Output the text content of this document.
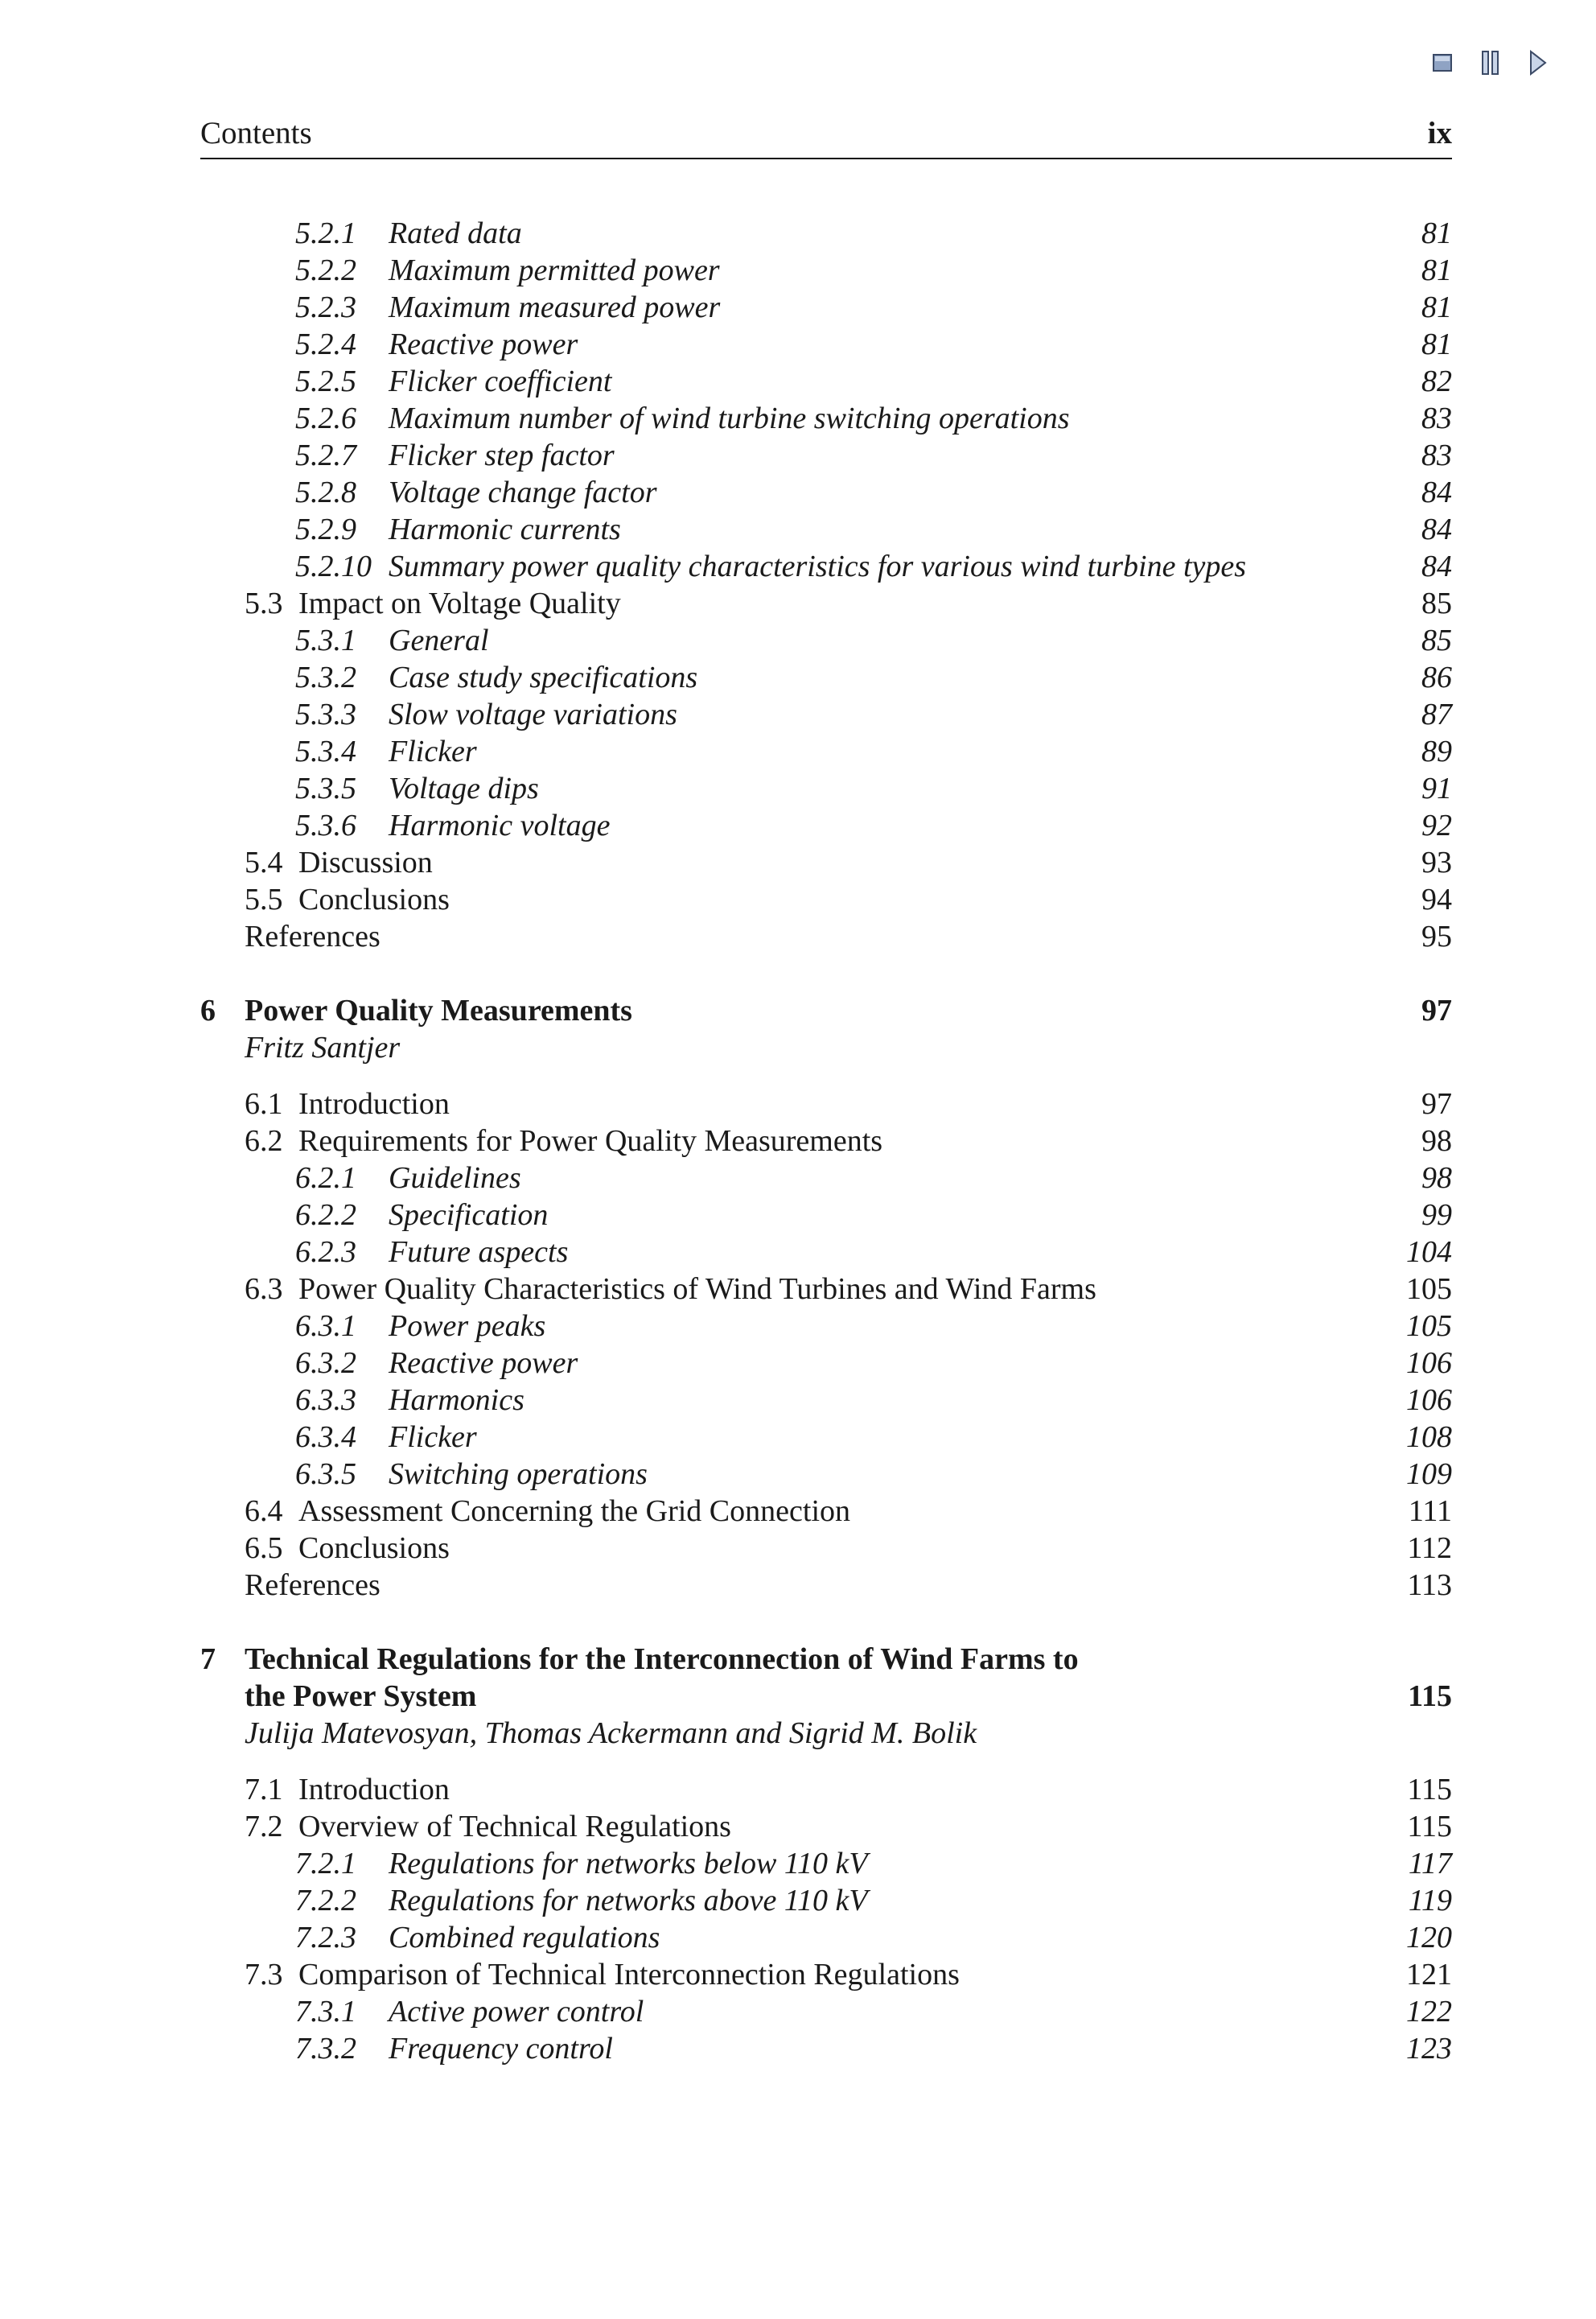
Contents	ix
5.2.1 Rated data	81
5.2.2 Maximum permitted power	81
5.2.3 Maximum measured power	81
5.2.4 Reactive power	81
5.2.5 Flicker coefficient	82
5.2.6 Maximum number of wind turbine switching operations	83
5.2.7 Flicker step factor	83
5.2.8 Voltage change factor	84
5.2.9 Harmonic currents	84
5.2.10 Summary power quality characteristics for various wind turbine types	84
5.3 Impact on Voltage Quality	85
5.3.1 General	85
5.3.2 Case study specifications	86
5.3.3 Slow voltage variations	87
5.3.4 Flicker	89
5.3.5 Voltage dips	91
5.3.6 Harmonic voltage	92
5.4 Discussion	93
5.5 Conclusions	94
References	95
6 Power Quality Measurements	97
Fritz Santjer
6.1 Introduction	97
6.2 Requirements for Power Quality Measurements	98
6.2.1 Guidelines	98
6.2.2 Specification	99
6.2.3 Future aspects	104
6.3 Power Quality Characteristics of Wind Turbines and Wind Farms	105
6.3.1 Power peaks	105
6.3.2 Reactive power	106
6.3.3 Harmonics	106
6.3.4 Flicker	108
6.3.5 Switching operations	109
6.4 Assessment Concerning the Grid Connection	111
6.5 Conclusions	112
References	113
7 Technical Regulations for the Interconnection of Wind Farms to
the Power System	115
Julija Matevosyan, Thomas Ackermann and Sigrid M. Bolik
7.1 Introduction	115
7.2 Overview of Technical Regulations	115
7.2.1 Regulations for networks below 110 kV	117
7.2.2 Regulations for networks above 110 kV	119
7.2.3 Combined regulations	120
7.3 Comparison of Technical Interconnection Regulations	121
7.3.1 Active power control	122
7.3.2 Frequency control	123
